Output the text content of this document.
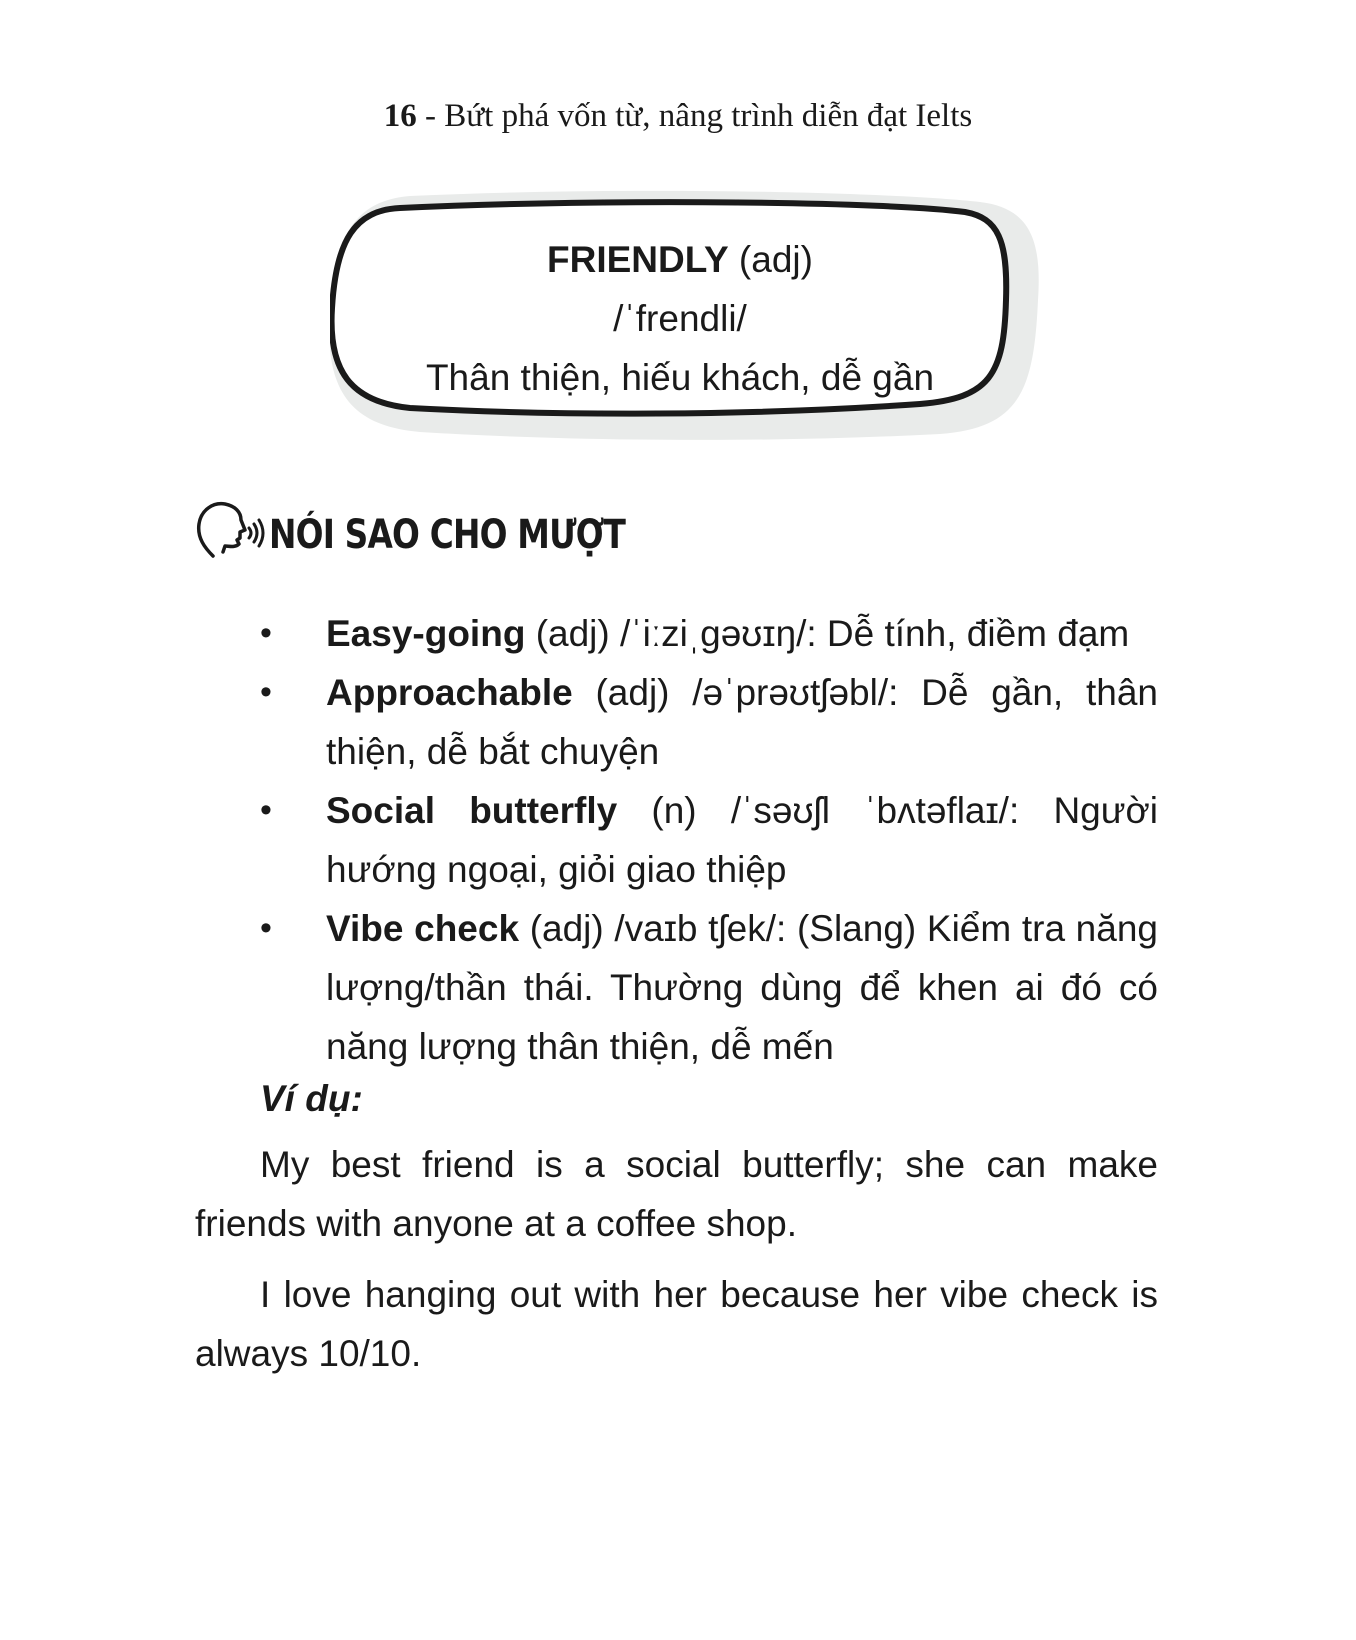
16 - Bứt phá vốn từ, nâng trình diễn đạt Ielts
FRIENDLY (adj)
/ˈfrendli/
Thân thiện, hiếu khách, dễ gần
NÓI SAO CHO MƯỢT
• Easy-going (adj) /ˈiːziˌɡəʊɪŋ/: Dễ tính, điềm đạm
• Approachable (adj) /əˈprəʊtʃəbl/: Dễ gần, thân thiện, dễ bắt chuyện
• Social butterfly (n) /ˈsəʊʃl ˈbʌtəflaɪ/: Người hướng ngoại, giỏi giao thiệp
• Vibe check (adj) /vaɪb tʃek/: (Slang) Kiểm tra năng lượng/thần thái. Thường dùng để khen ai đó có năng lượng thân thiện, dễ mến
Ví dụ:

My best friend is a social butterfly; she can make friends with anyone at a coffee shop.

I love hanging out with her because her vibe check is always 10/10.
